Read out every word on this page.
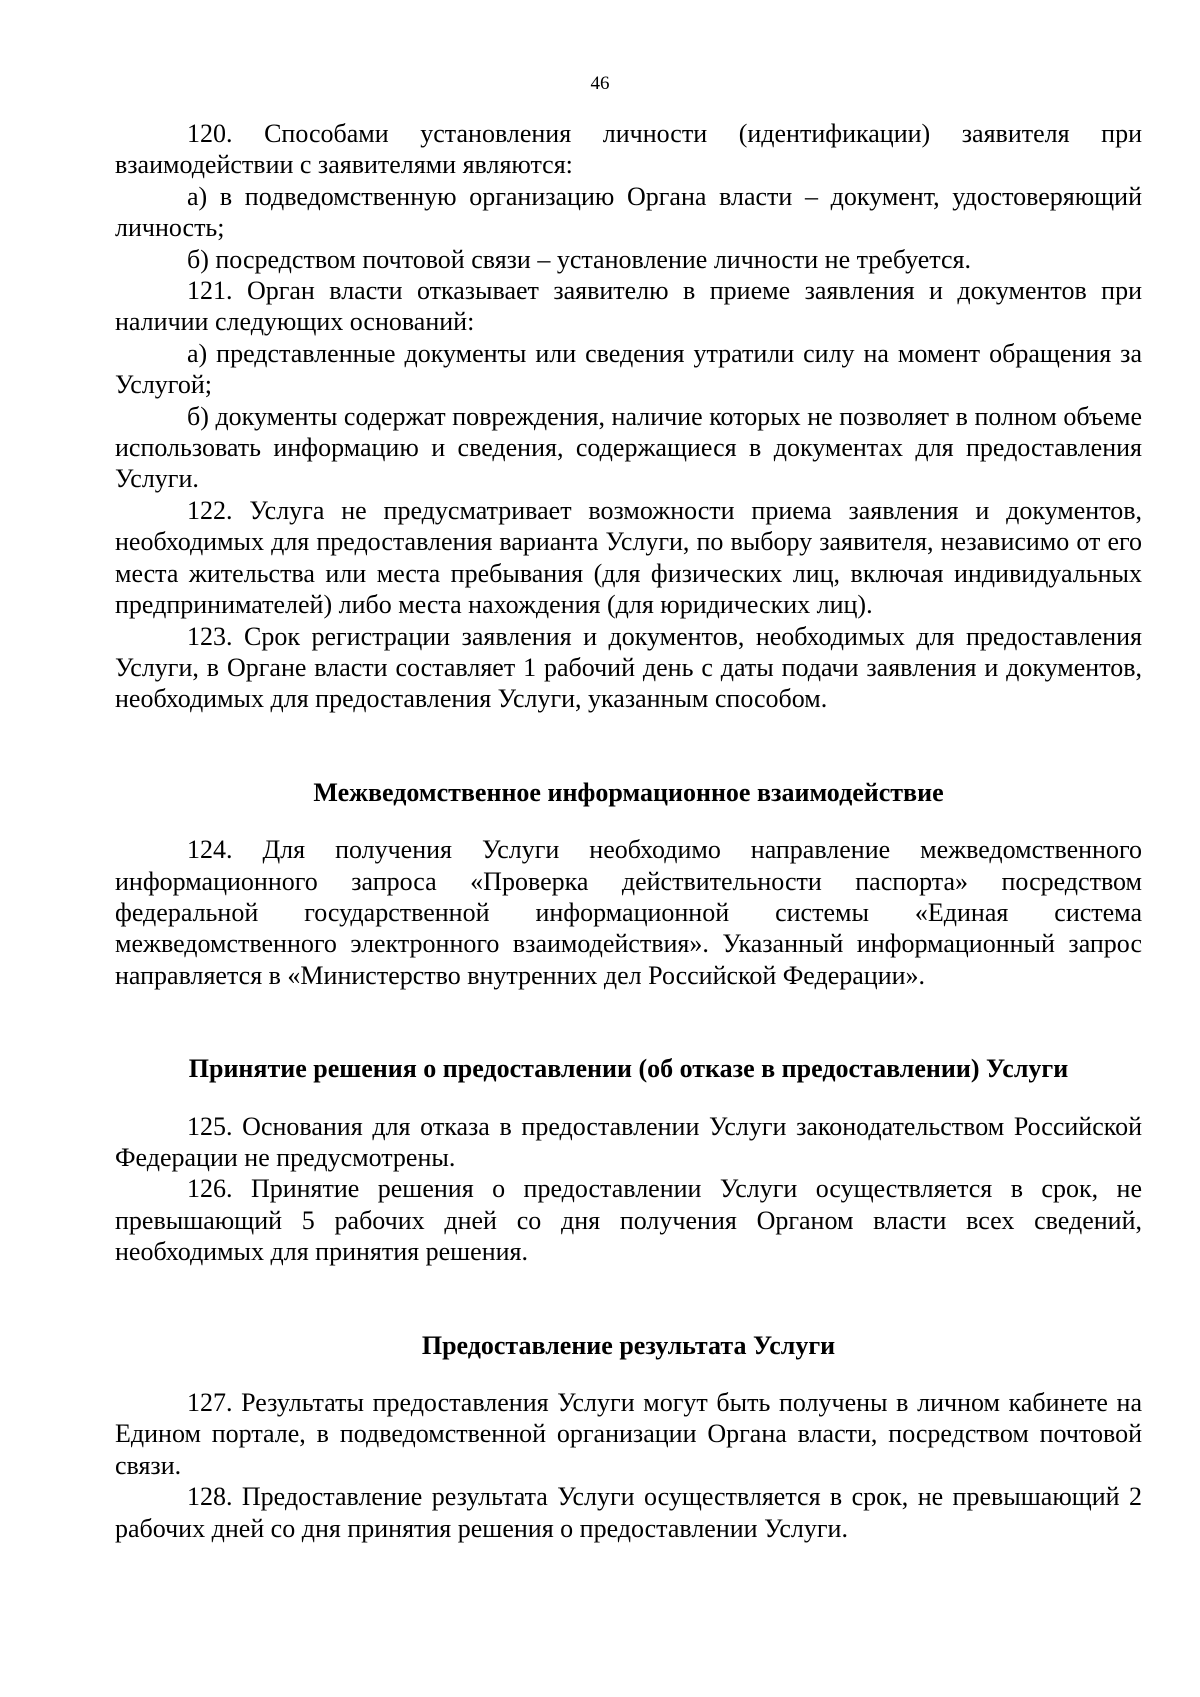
46

120. Способами установления личности (идентификации) заявителя при взаимодействии с заявителями являются:

а) в подведомственную организацию Органа власти – документ, удостоверяющий личность;

б) посредством почтовой связи – установление личности не требуется.

121. Орган власти отказывает заявителю в приеме заявления и документов при наличии следующих оснований:

а) представленные документы или сведения утратили силу на момент обращения за Услугой;

б) документы содержат повреждения, наличие которых не позволяет в полном объеме использовать информацию и сведения, содержащиеся в документах для предоставления Услуги.

122. Услуга не предусматривает возможности приема заявления и документов, необходимых для предоставления варианта Услуги, по выбору заявителя, независимо от его места жительства или места пребывания (для физических лиц, включая индивидуальных предпринимателей) либо места нахождения (для юридических лиц).

123. Срок регистрации заявления и документов, необходимых для предоставления Услуги, в Органе власти составляет 1 рабочий день с даты подачи заявления и документов, необходимых для предоставления Услуги, указанным способом.

Межведомственное информационное взаимодействие

124. Для получения Услуги необходимо направление межведомственного информационного запроса «Проверка действительности паспорта» посредством федеральной государственной информационной системы «Единая система межведомственного электронного взаимодействия». Указанный информационный запрос направляется в «Министерство внутренних дел Российской Федерации».

Принятие решения о предоставлении (об отказе в предоставлении) Услуги

125. Основания для отказа в предоставлении Услуги законодательством Российской Федерации не предусмотрены.

126. Принятие решения о предоставлении Услуги осуществляется в срок, не превышающий 5 рабочих дней со дня получения Органом власти всех сведений, необходимых для принятия решения.

Предоставление результата Услуги

127. Результаты предоставления Услуги могут быть получены в личном кабинете на Едином портале, в подведомственной организации Органа власти, посредством почтовой связи.

128. Предоставление результата Услуги осуществляется в срок, не превышающий 2 рабочих дней со дня принятия решения о предоставлении Услуги.
